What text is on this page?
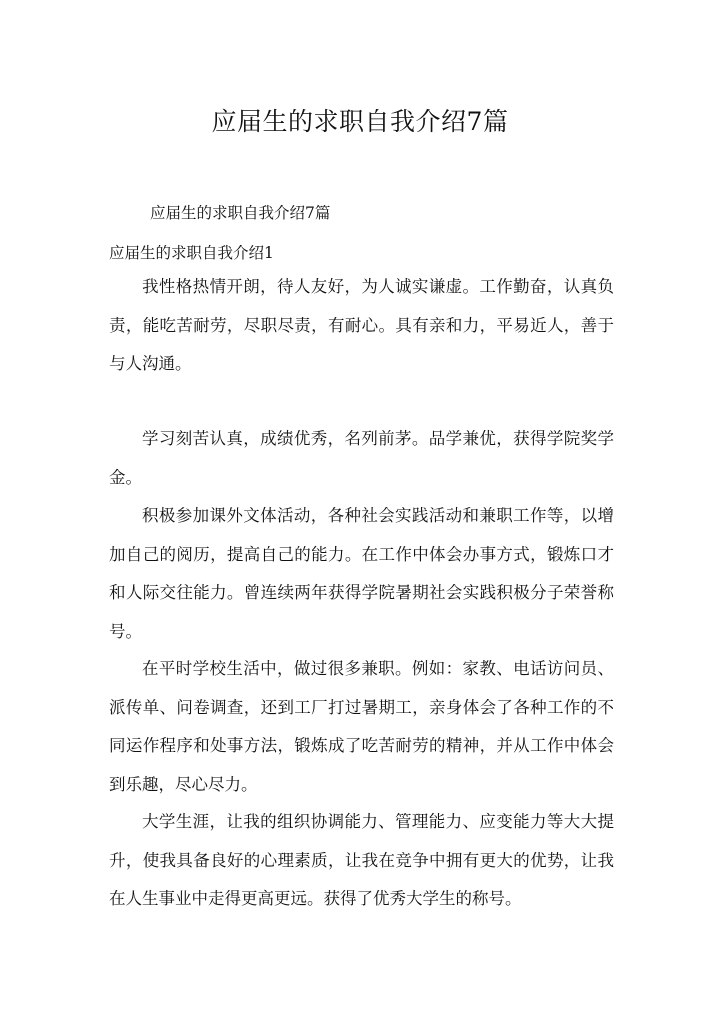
应届生的求职自我介绍7篇
应届生的求职自我介绍7篇
应届生的求职自我介绍1

我性格热情开朗，待人友好，为人诚实谦虚。工作勤奋，认真负责，能吃苦耐劳，尽职尽责，有耐心。具有亲和力，平易近人，善于与人沟通。

学习刻苦认真，成绩优秀，名列前茅。品学兼优，获得学院奖学金。

积极参加课外文体活动，各种社会实践活动和兼职工作等，以增加自己的阅历，提高自己的能力。在工作中体会办事方式，锻炼口才和人际交往能力。曾连续两年获得学院暑期社会实践积极分子荣誉称号。

在平时学校生活中，做过很多兼职。例如：家教、电话访问员、派传单、问卷调查，还到工厂打过暑期工，亲身体会了各种工作的不同运作程序和处事方法，锻炼成了吃苦耐劳的精神，并从工作中体会到乐趣，尽心尽力。

大学生涯，让我的组织协调能力、管理能力、应变能力等大大提升，使我具备良好的心理素质，让我在竞争中拥有更大的优势，让我在人生事业中走得更高更远。获得了优秀大学生的称号。
